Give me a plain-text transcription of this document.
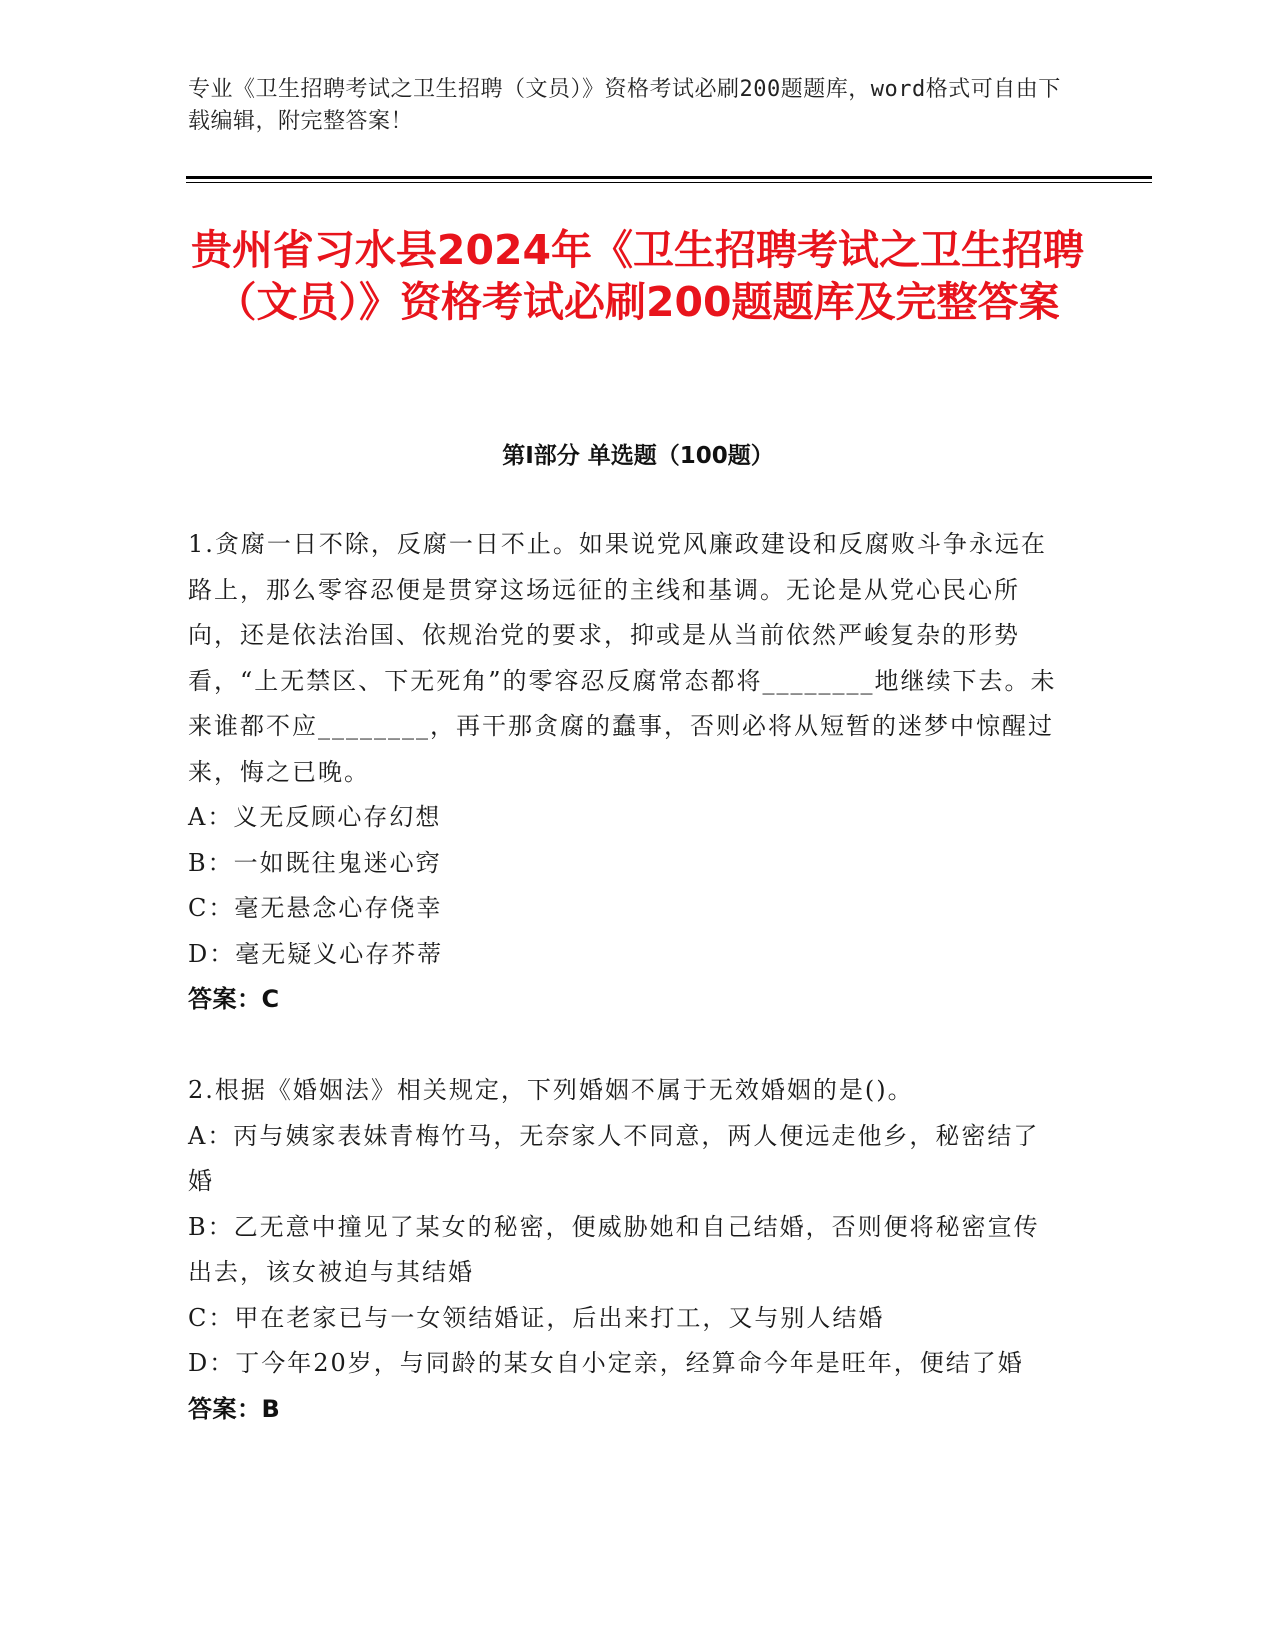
专业《卫生招聘考试之卫生招聘（文员）》资格考试必刷200题题库，word格式可自由下载编辑，附完整答案！
贵州省习水县2024年《卫生招聘考试之卫生招聘（文员）》资格考试必刷200题题库及完整答案
第Ⅰ部分 单选题（100题）

1.贪腐一日不除，反腐一日不止。如果说党风廉政建设和反腐败斗争永远在路上，那么零容忍便是贯穿这场远征的主线和基调。无论是从党心民心所向，还是依法治国、依规治党的要求，抑或是从当前依然严峻复杂的形势看，“上无禁区、下无死角”的零容忍反腐常态都将________地继续下去。未来谁都不应________，再干那贪腐的蠢事，否则必将从短暂的迷梦中惊醒过来，悔之已晚。

A：义无反顾心存幻想

B：一如既往鬼迷心窍

C：毫无悬念心存侥幸

D：毫无疑义心存芥蒂

答案：C

2.根据《婚姻法》相关规定，下列婚姻不属于无效婚姻的是()。

A：丙与姨家表妹青梅竹马，无奈家人不同意，两人便远走他乡，秘密结了婚

B：乙无意中撞见了某女的秘密，便威胁她和自己结婚，否则便将秘密宣传出去，该女被迫与其结婚

C：甲在老家已与一女领结婚证，后出来打工，又与别人结婚

D：丁今年20岁，与同龄的某女自小定亲，经算命今年是旺年，便结了婚

答案：B
